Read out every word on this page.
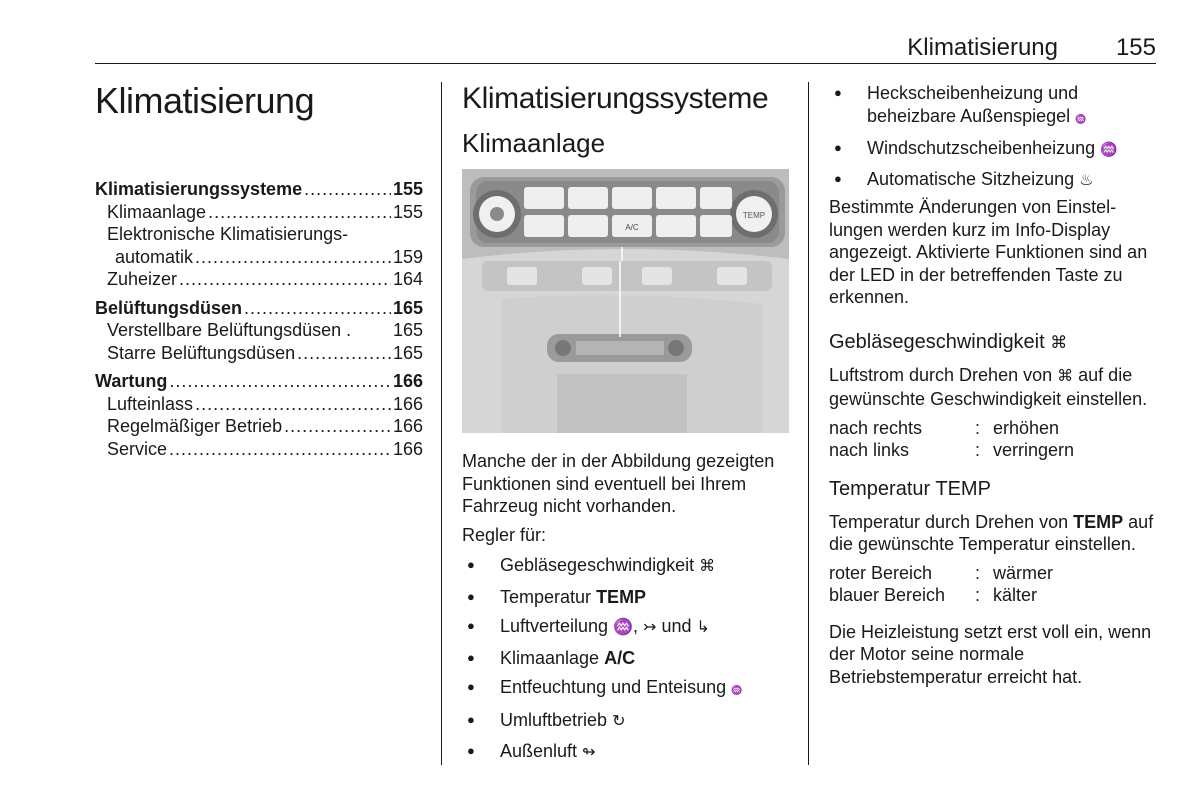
Klimatisierung 155
Klimatisierung
Klimatisierungssysteme .....	155
Klimaanlage .....	155
Elektronische Klimatisierungs-
automatik .....	159
Zuheizer .....	164
Belüftungsdüsen .....	165
Verstellbare Belüftungsdüsen . 165
Starre Belüftungsdüsen .....	165
Wartung .....	166
Lufteinlass .....	166
Regelmäßiger Betrieb .....	166
Service .....	166
Klimatisierungssysteme
Klimaanlage
TEMP
A/C
Manche der in der Abbildung gezeigten Funktionen sind eventuell bei Ihrem Fahrzeug nicht vorhanden.
Regler für:
● Gebläsegeschwindigkeit ⌘
● Temperatur TEMP
● Luftverteilung ♒, ↣ und ↳
● Klimaanlage A/C
● Entfeuchtung und Enteisung ♒
● Umluftbetrieb ↻
● Außenluft ↬
● Heckscheibenheizung und beheizbare Außenspiegel ♒
● Windschutzscheibenheizung ♒
● Automatische Sitzheizung ♨
Bestimmte Änderungen von Einstellungen werden kurz im Info-Display angezeigt. Aktivierte Funktionen sind an der LED in der betreffenden Taste zu erkennen.
Gebläsegeschwindigkeit ⌘
Luftstrom durch Drehen von ⌘ auf die gewünschte Geschwindigkeit einstellen.
nach rechts	: erhöhen
nach links	: verringern
Temperatur TEMP
Temperatur durch Drehen von TEMP auf die gewünschte Temperatur einstellen.
roter Bereich	: wärmer
blauer Bereich	: kälter
Die Heizleistung setzt erst voll ein, wenn der Motor seine normale Betriebstemperatur erreicht hat.
